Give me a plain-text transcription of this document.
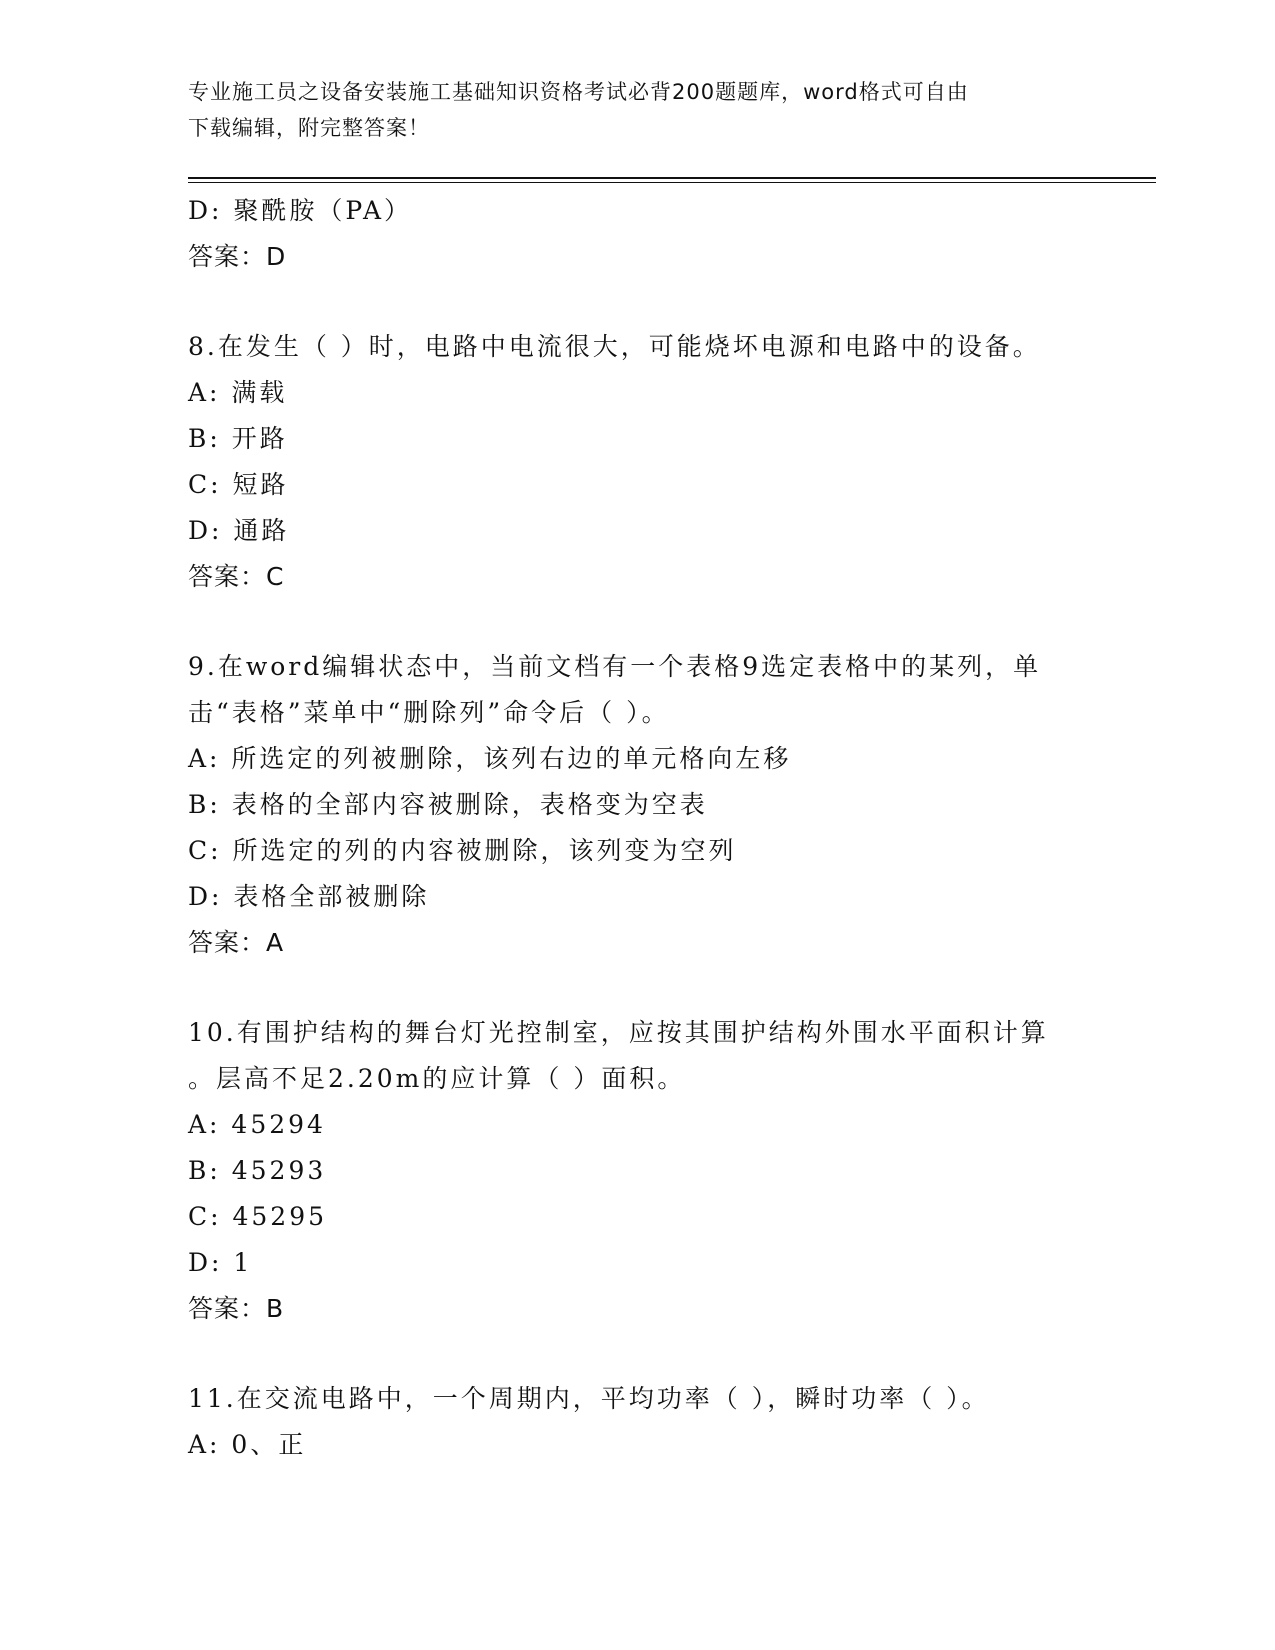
专业施工员之设备安装施工基础知识资格考试必背200题题库，word格式可自由
下载编辑，附完整答案！
D: 聚酰胺（PA）
答案：D
8.在发生（ ）时，电路中电流很大，可能烧坏电源和电路中的设备。
A: 满载
B: 开路
C: 短路
D: 通路
答案：C
9.在word编辑状态中，当前文档有一个表格9选定表格中的某列，单
击“表格”菜单中“删除列”命令后（ ）。
A: 所选定的列被删除，该列右边的单元格向左移
B: 表格的全部内容被删除，表格变为空表
C: 所选定的列的内容被删除，该列变为空列
D: 表格全部被删除
答案：A
10.有围护结构的舞台灯光控制室，应按其围护结构外围水平面积计算
。层高不足2.20m的应计算（ ）面积。
A: 45294
B: 45293
C: 45295
D: 1
答案：B
11.在交流电路中，一个周期内，平均功率（ ），瞬时功率（ ）。
A: 0、正
